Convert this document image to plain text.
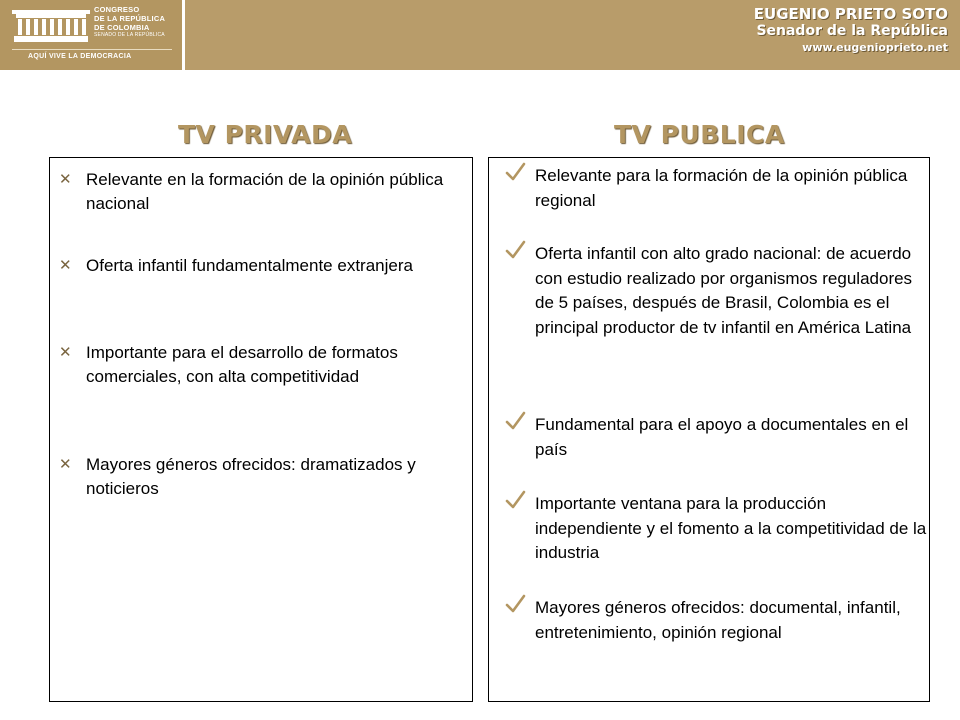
CONGRESO
DE LA REPÚBLICA
DE COLOMBIA
SENADO DE LA REPÚBLICA
AQUÍ VIVE LA DEMOCRACIA
EUGENIO PRIETO SOTO
Senador de la República
www.eugenioprieto.net
TV PRIVADA	TV PUBLICA
✕ Relevante en la formación de la opinión pública nacional
✕ Oferta infantil fundamentalmente extranjera
✕ Importante para el desarrollo de formatos comerciales, con alta competitividad
✕ Mayores géneros ofrecidos: dramatizados y noticieros
Relevante para la formación de la opinión pública regional
Oferta infantil con alto grado nacional: de acuerdo con estudio realizado por organismos reguladores de 5 países, después de Brasil, Colombia es el principal productor de tv infantil en América Latina
Fundamental para el apoyo a documentales en el país
Importante ventana para la producción independiente y el fomento a la competitividad de la industria
Mayores géneros ofrecidos: documental, infantil, entretenimiento, opinión regional
